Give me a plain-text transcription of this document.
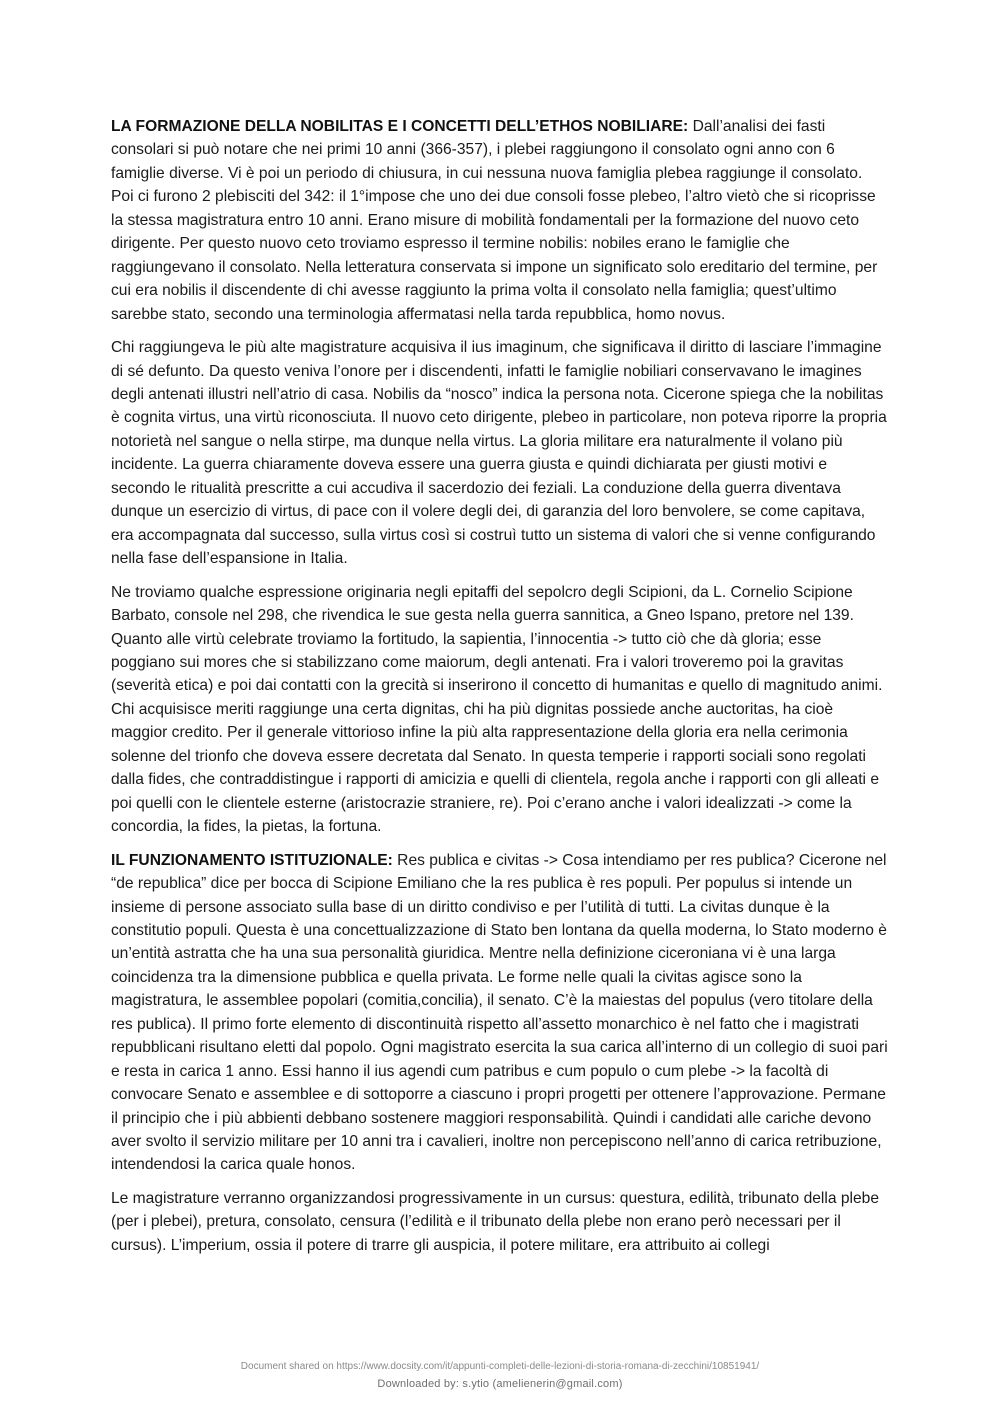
LA FORMAZIONE DELLA NOBILITAS E I CONCETTI DELL’ETHOS NOBILIARE: Dall’analisi dei fasti consolari si può notare che nei primi 10 anni (366-357), i plebei raggiungono il consolato ogni anno con 6 famiglie diverse. Vi è poi un periodo di chiusura, in cui nessuna nuova famiglia plebea raggiunge il consolato. Poi ci furono 2 plebisciti del 342: il 1°impose che uno dei due consoli fosse plebeo, l’altro vietò che si ricoprisse la stessa magistratura entro 10 anni. Erano misure di mobilità fondamentali per la formazione del nuovo ceto dirigente. Per questo nuovo ceto troviamo espresso il termine nobilis: nobiles erano le famiglie che raggiungevano il consolato. Nella letteratura conservata si impone un significato solo ereditario del termine, per cui era nobilis il discendente di chi avesse raggiunto la prima volta il consolato nella famiglia; quest’ultimo sarebbe stato, secondo una terminologia affermatasi nella tarda repubblica, homo novus.

Chi raggiungeva le più alte magistrature acquisiva il ius imaginum, che significava il diritto di lasciare l’immagine di sé defunto. Da questo veniva l’onore per i discendenti, infatti le famiglie nobiliari conservavano le imagines degli antenati illustri nell’atrio di casa. Nobilis da “nosco” indica la persona nota. Cicerone spiega che la nobilitas è cognita virtus, una virtù riconosciuta. Il nuovo ceto dirigente, plebeo in particolare, non poteva riporre la propria notorietà nel sangue o nella stirpe, ma dunque nella virtus. La gloria militare era naturalmente il volano più incidente. La guerra chiaramente doveva essere una guerra giusta e quindi dichiarata per giusti motivi e secondo le ritualità prescritte a cui accudiva il sacerdozio dei feziali. La conduzione della guerra diventava dunque un esercizio di virtus, di pace con il volere degli dei, di garanzia del loro benvolere, se come capitava, era accompagnata dal successo, sulla virtus così si costruì tutto un sistema di valori che si venne configurando nella fase dell’espansione in Italia.

Ne troviamo qualche espressione originaria negli epitaffi del sepolcro degli Scipioni, da L. Cornelio Scipione Barbato, console nel 298, che rivendica le sue gesta nella guerra sannitica, a Gneo Ispano, pretore nel 139. Quanto alle virtù celebrate troviamo la fortitudo, la sapientia, l’innocentia -> tutto ciò che dà gloria; esse poggiano sui mores che si stabilizzano come maiorum, degli antenati. Fra i valori troveremo poi la gravitas (severità etica) e poi dai contatti con la grecità si inserirono il concetto di humanitas e quello di magnitudo animi. Chi acquisisce meriti raggiunge una certa dignitas, chi ha più dignitas possiede anche auctoritas, ha cioè maggior credito. Per il generale vittorioso infine la più alta rappresentazione della gloria era nella cerimonia solenne del trionfo che doveva essere decretata dal Senato. In questa temperie i rapporti sociali sono regolati dalla fides, che contraddistingue i rapporti di amicizia e quelli di clientela, regola anche i rapporti con gli alleati e poi quelli con le clientele esterne (aristocrazie straniere, re). Poi c’erano anche i valori idealizzati -> come la concordia, la fides, la pietas, la fortuna.

IL FUNZIONAMENTO ISTITUZIONALE: Res publica e civitas -> Cosa intendiamo per res publica? Cicerone nel “de republica” dice per bocca di Scipione Emiliano che la res publica è res populi. Per populus si intende un insieme di persone associato sulla base di un diritto condiviso e per l’utilità di tutti. La civitas dunque è la constitutio populi. Questa è una concettualizzazione di Stato ben lontana da quella moderna, lo Stato moderno è un’entità astratta che ha una sua personalità giuridica. Mentre nella definizione ciceroniana vi è una larga coincidenza tra la dimensione pubblica e quella privata. Le forme nelle quali la civitas agisce sono la magistratura, le assemblee popolari (comitia,concilia), il senato. C’è la maiestas del populus (vero titolare della res publica). Il primo forte elemento di discontinuità rispetto all’assetto monarchico è nel fatto che i magistrati repubblicani risultano eletti dal popolo. Ogni magistrato esercita la sua carica all’interno di un collegio di suoi pari e resta in carica 1 anno. Essi hanno il ius agendi cum patribus e cum populo o cum plebe -> la facoltà di convocare Senato e assemblee e di sottoporre a ciascuno i propri progetti per ottenere l’approvazione. Permane il principio che i più abbienti debbano sostenere maggiori responsabilità. Quindi i candidati alle cariche devono aver svolto il servizio militare per 10 anni tra i cavalieri, inoltre non percepiscono nell’anno di carica retribuzione, intendendosi la carica quale honos.

Le magistrature verranno organizzandosi progressivamente in un cursus: questura, edilità, tribunato della plebe (per i plebei), pretura, consolato, censura (l’edilità e il tribunato della plebe non erano però necessari per il cursus). L’imperium, ossia il potere di trarre gli auspicia, il potere militare, era attribuito ai collegi

Document shared on https://www.docsity.com/it/appunti-completi-delle-lezioni-di-storia-romana-di-zecchini/10851941/
Downloaded by: s.ytio (amelienerin@gmail.com)
